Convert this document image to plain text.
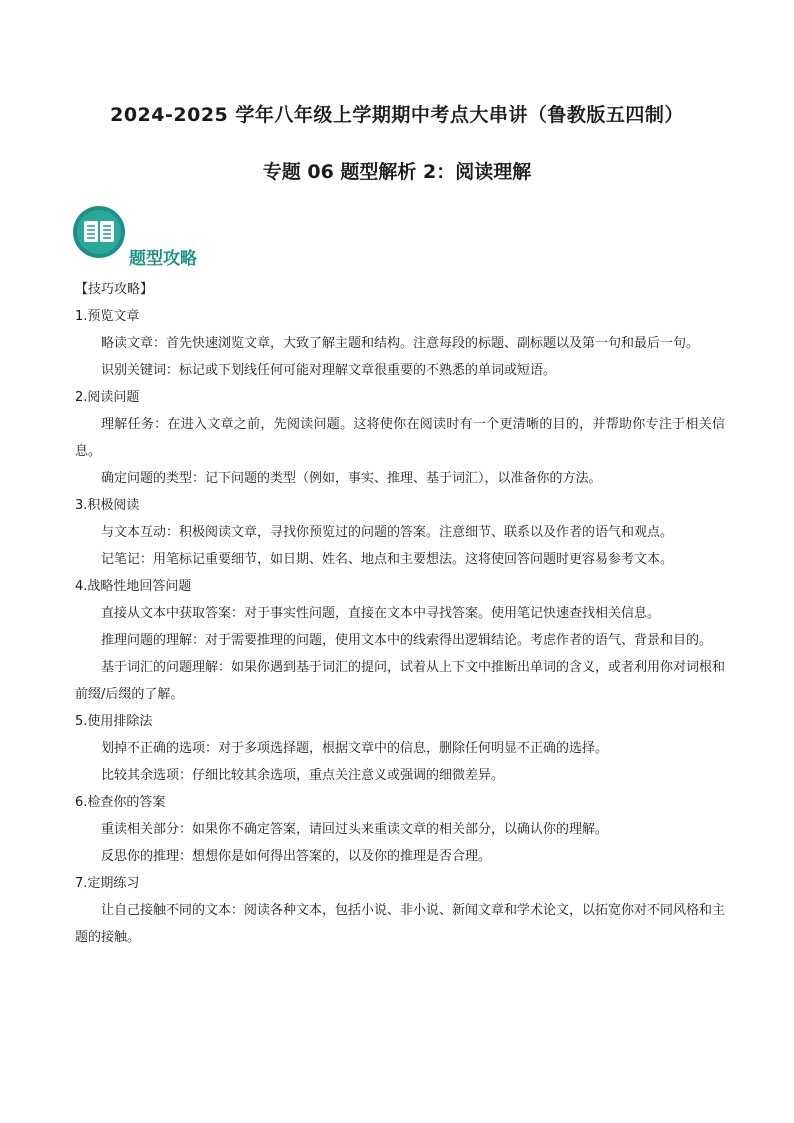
2024-2025 学年八年级上学期期中考点大串讲（鲁教版五四制）
专题 06 题型解析 2：阅读理解
题型攻略
【技巧攻略】
1.预览文章
略读文章：首先快速浏览文章，大致了解主题和结构。注意每段的标题、副标题以及第一句和最后一句。
识别关键词：标记或下划线任何可能对理解文章很重要的不熟悉的单词或短语。
2.阅读问题
理解任务：在进入文章之前，先阅读问题。这将使你在阅读时有一个更清晰的目的，并帮助你专注于相关信息。
确定问题的类型：记下问题的类型（例如，事实、推理、基于词汇），以准备你的方法。
3.积极阅读
与文本互动：积极阅读文章，寻找你预览过的问题的答案。注意细节、联系以及作者的语气和观点。
记笔记：用笔标记重要细节，如日期、姓名、地点和主要想法。这将使回答问题时更容易参考文本。
4.战略性地回答问题
直接从文本中获取答案：对于事实性问题，直接在文本中寻找答案。使用笔记快速查找相关信息。
推理问题的理解：对于需要推理的问题，使用文本中的线索得出逻辑结论。考虑作者的语气、背景和目的。
基于词汇的问题理解：如果你遇到基于词汇的提问，试着从上下文中推断出单词的含义，或者利用你对词根和前缀/后缀的了解。
5.使用排除法
划掉不正确的选项：对于多项选择题，根据文章中的信息，删除任何明显不正确的选择。
比较其余选项：仔细比较其余选项，重点关注意义或强调的细微差异。
6.检查你的答案
重读相关部分：如果你不确定答案，请回过头来重读文章的相关部分，以确认你的理解。
反思你的推理：想想你是如何得出答案的，以及你的推理是否合理。
7.定期练习
让自己接触不同的文本：阅读各种文本，包括小说、非小说、新闻文章和学术论文，以拓宽你对不同风格和主题的接触。
